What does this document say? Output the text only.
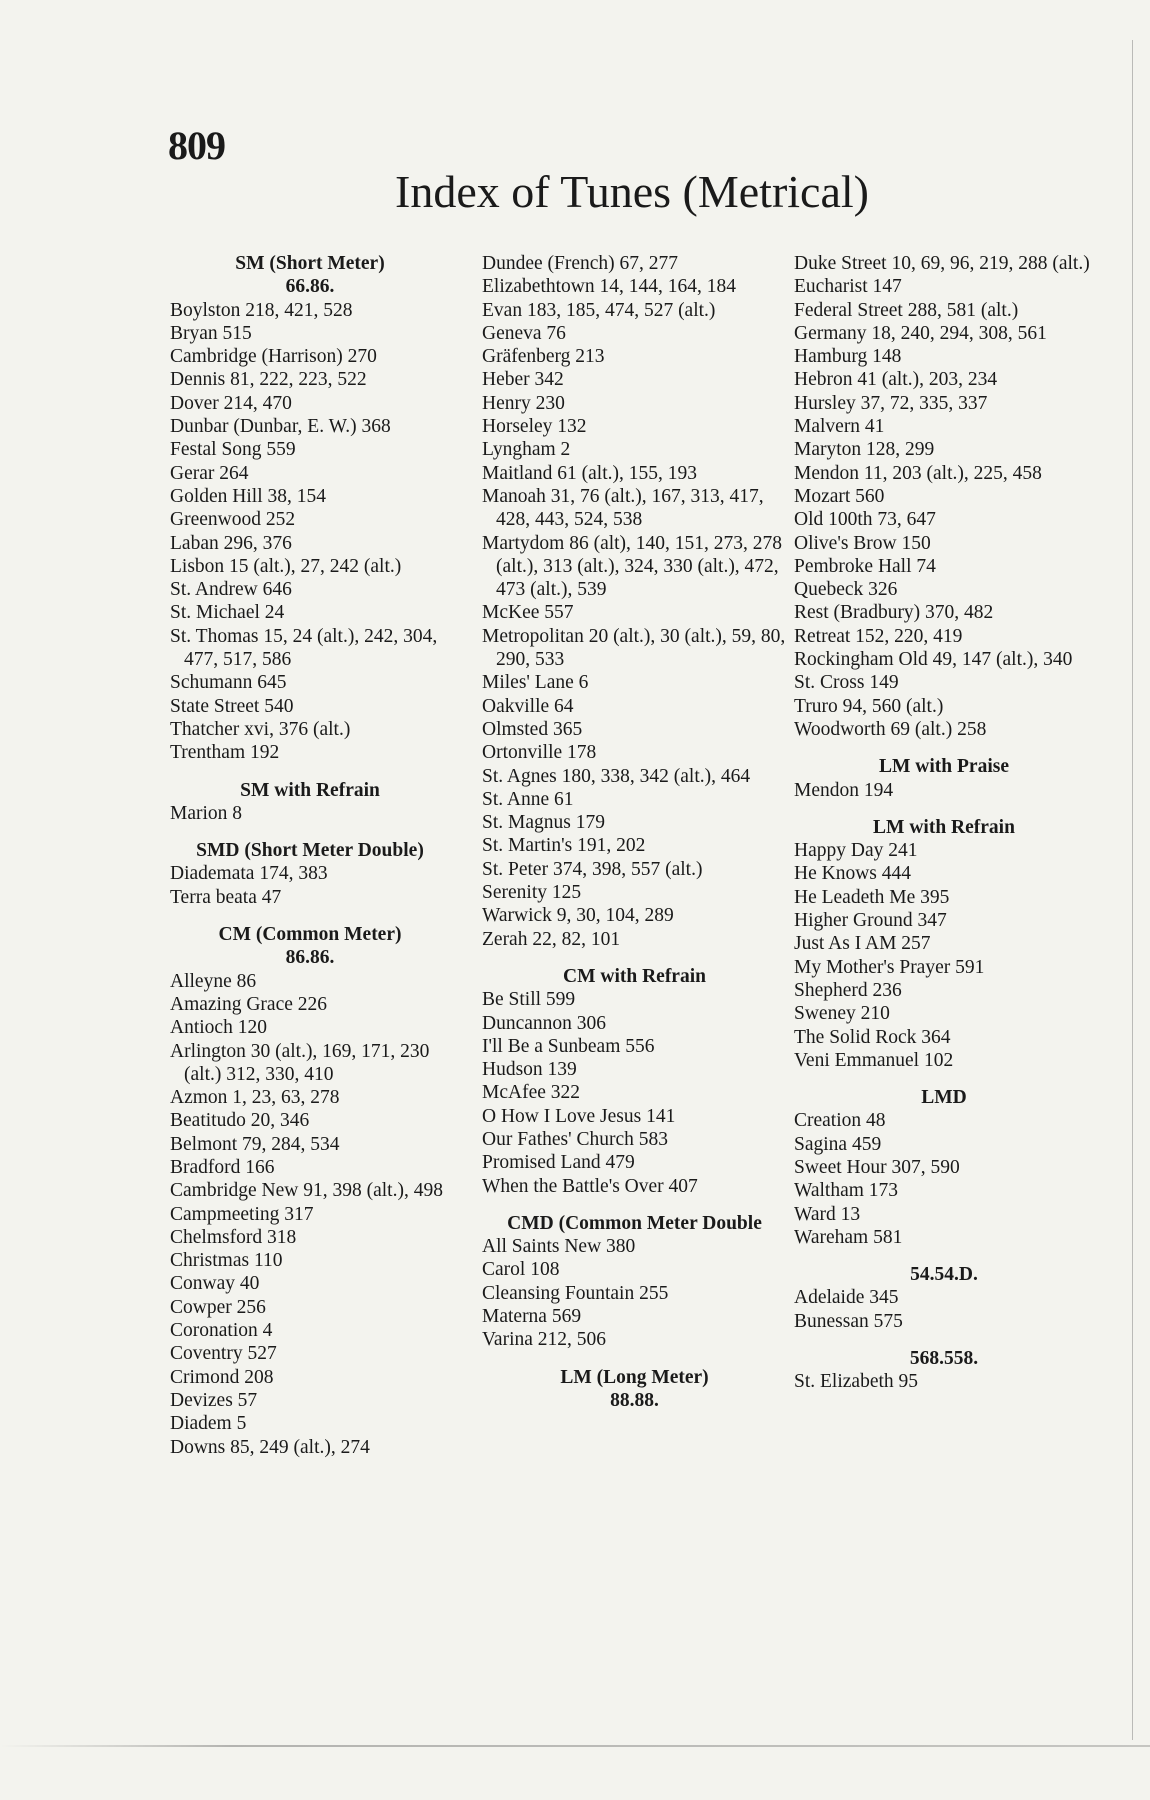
809
Index of Tunes (Metrical)
SM (Short Meter)
66.86.
Boylston 218, 421, 528
Bryan 515
Cambridge (Harrison) 270
Dennis 81, 222, 223, 522
Dover 214, 470
Dunbar (Dunbar, E. W.) 368
Festal Song 559
Gerar 264
Golden Hill 38, 154
Greenwood 252
Laban 296, 376
Lisbon 15 (alt.), 27, 242 (alt.)
St. Andrew 646
St. Michael 24
St. Thomas 15, 24 (alt.), 242, 304, 477, 517, 586
Schumann 645
State Street 540
Thatcher xvi, 376 (alt.)
Trentham 192
SM with Refrain
Marion 8
SMD (Short Meter Double)
Diademata 174, 383
Terra beata 47
CM (Common Meter)
86.86.
Alleyne 86
Amazing Grace 226
Antioch 120
Arlington 30 (alt.), 169, 171, 230 (alt.) 312, 330, 410
Azmon 1, 23, 63, 278
Beatitudo 20, 346
Belmont 79, 284, 534
Bradford 166
Cambridge New 91, 398 (alt.), 498
Campmeeting 317
Chelmsford 318
Christmas 110
Conway 40
Cowper 256
Coronation 4
Coventry 527
Crimond 208
Devizes 57
Diadem 5
Downs 85, 249 (alt.), 274
Dundee (French) 67, 277
Elizabethtown 14, 144, 164, 184
Evan 183, 185, 474, 527 (alt.)
Geneva 76
Gräfenberg 213
Heber 342
Henry 230
Horseley 132
Lyngham 2
Maitland 61 (alt.), 155, 193
Manoah 31, 76 (alt.), 167, 313, 417, 428, 443, 524, 538
Martydom 86 (alt), 140, 151, 273, 278 (alt.), 313 (alt.), 324, 330 (alt.), 472, 473 (alt.), 539
McKee 557
Metropolitan 20 (alt.), 30 (alt.), 59, 80, 290, 533
Miles' Lane 6
Oakville 64
Olmsted 365
Ortonville 178
St. Agnes 180, 338, 342 (alt.), 464
St. Anne 61
St. Magnus 179
St. Martin's 191, 202
St. Peter 374, 398, 557 (alt.)
Serenity 125
Warwick 9, 30, 104, 289
Zerah 22, 82, 101
CM with Refrain
Be Still 599
Duncannon 306
I'll Be a Sunbeam 556
Hudson 139
McAfee 322
O How I Love Jesus 141
Our Fathes' Church 583
Promised Land 479
When the Battle's Over 407
CMD (Common Meter Double
All Saints New 380
Carol 108
Cleansing Fountain 255
Materna 569
Varina 212, 506
LM (Long Meter)
88.88.
Duke Street 10, 69, 96, 219, 288 (alt.)
Eucharist 147
Federal Street 288, 581 (alt.)
Germany 18, 240, 294, 308, 561
Hamburg 148
Hebron 41 (alt.), 203, 234
Hursley 37, 72, 335, 337
Malvern 41
Maryton 128, 299
Mendon 11, 203 (alt.), 225, 458
Mozart 560
Old 100th 73, 647
Olive's Brow 150
Pembroke Hall 74
Quebeck 326
Rest (Bradbury) 370, 482
Retreat 152, 220, 419
Rockingham Old 49, 147 (alt.), 340
St. Cross 149
Truro 94, 560 (alt.)
Woodworth 69 (alt.) 258
LM with Praise
Mendon 194
LM with Refrain
Happy Day 241
He Knows 444
He Leadeth Me 395
Higher Ground 347
Just As I AM 257
My Mother's Prayer 591
Shepherd 236
Sweney 210
The Solid Rock 364
Veni Emmanuel 102
LMD
Creation 48
Sagina 459
Sweet Hour 307, 590
Waltham 173
Ward 13
Wareham 581
54.54.D.
Adelaide 345
Bunessan 575
568.558.
St. Elizabeth 95
